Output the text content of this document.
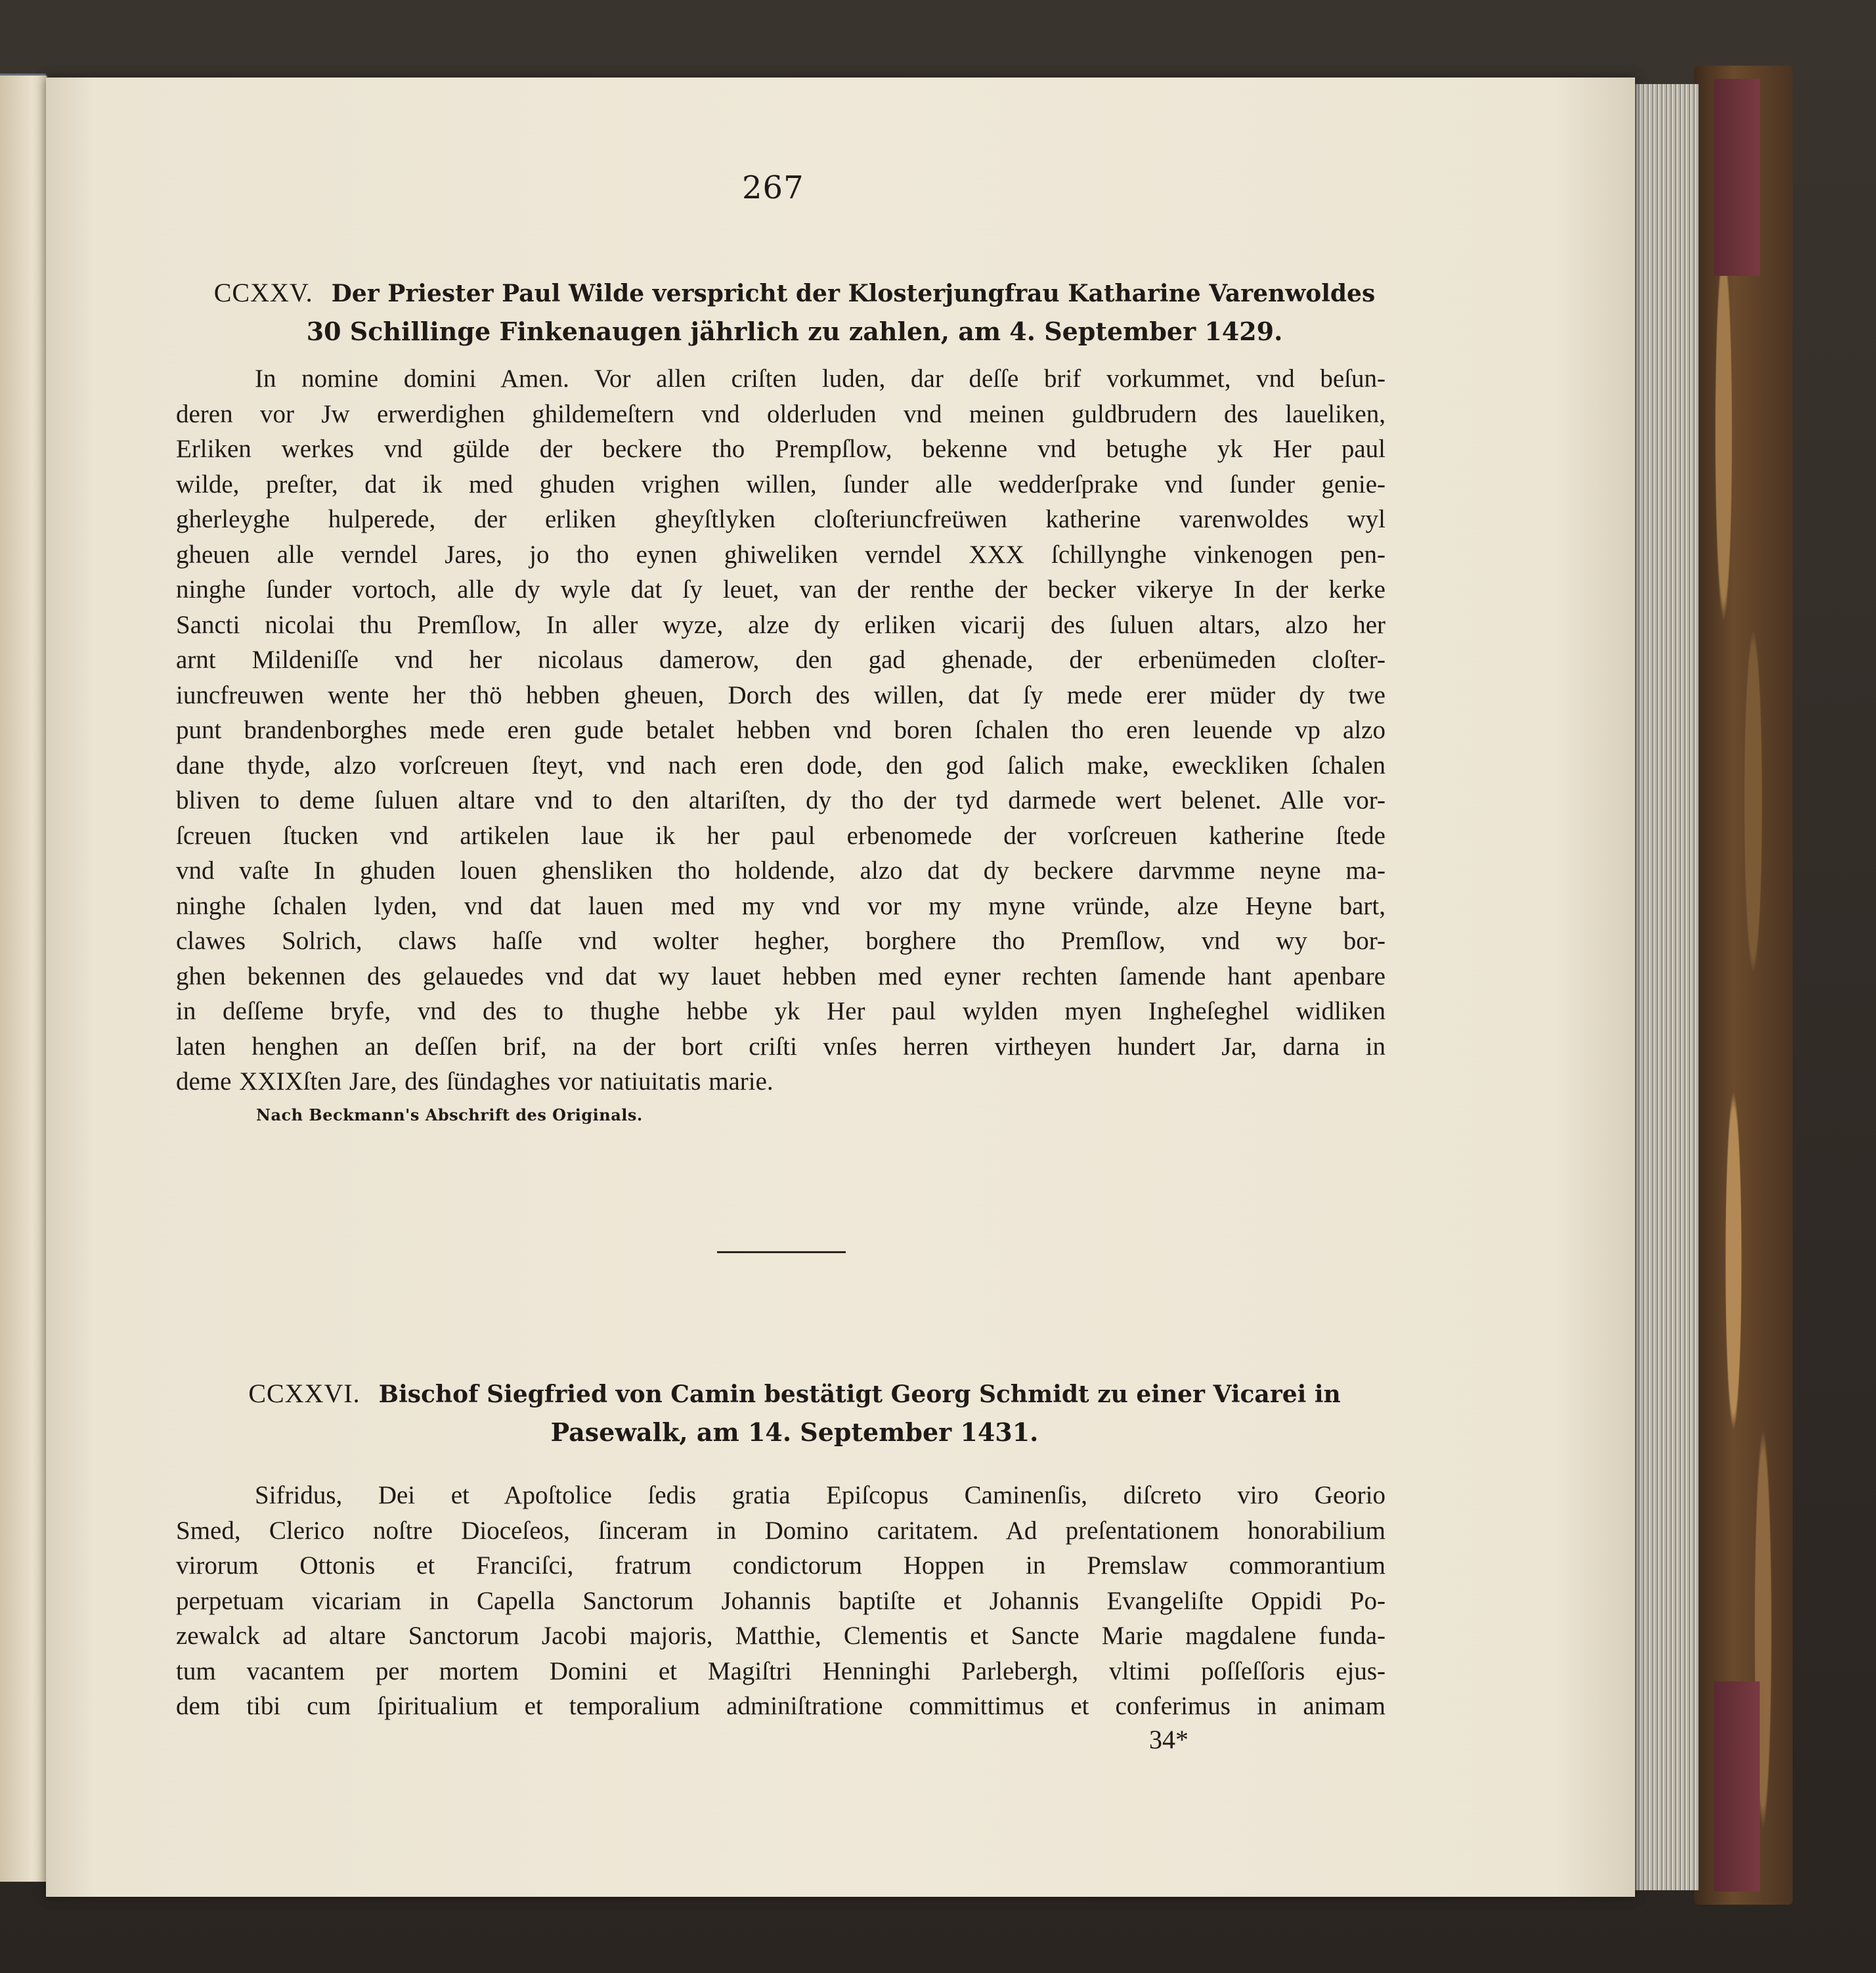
267
CCXXV. Der Priester Paul Wilde verspricht der Klosterjungfrau Katharine Varenwoldes
30 Schillinge Finkenaugen jährlich zu zahlen, am 4. September 1429.
In nomine domini Amen. Vor allen criſten luden, dar deſſe brif vorkummet, vnd beſun-
deren vor Jw erwerdighen ghildemeſtern vnd olderluden vnd meinen guldbrudern des laueliken,
Erliken werkes vnd gülde der beckere tho Prempſlow, bekenne vnd betughe yk Her paul
wilde, preſter, dat ik med ghuden vrighen willen, ſunder alle wedderſprake vnd ſunder genie-
gherleyghe hulperede, der erliken gheyſtlyken cloſteriuncfreüwen katherine varenwoldes wyl
gheuen alle verndel Jares, jo tho eynen ghiweliken verndel XXX ſchillynghe vinkenogen pen-
ninghe ſunder vortoch, alle dy wyle dat ſy leuet, van der renthe der becker vikerye In der kerke
Sancti nicolai thu Premſlow, In aller wyze, alze dy erliken vicarij des ſuluen altars, alzo her
arnt Mildeniſſe vnd her nicolaus damerow, den gad ghenade, der erbenümeden cloſter-
iuncfreuwen wente her thö hebben gheuen, Dorch des willen, dat ſy mede erer müder dy twe
punt brandenborghes mede eren gude betalet hebben vnd boren ſchalen tho eren leuende vp alzo
dane thyde, alzo vorſcreuen ſteyt, vnd nach eren dode, den god ſalich make, eweckliken ſchalen
bliven to deme ſuluen altare vnd to den altariſten, dy tho der tyd darmede wert belenet. Alle vor-
ſcreuen ſtucken vnd artikelen laue ik her paul erbenomede der vorſcreuen katherine ſtede
vnd vaſte In ghuden louen ghensliken tho holdende, alzo dat dy beckere darvmme neyne ma-
ninghe ſchalen lyden, vnd dat lauen med my vnd vor my myne vründe, alze Heyne bart,
clawes Solrich, claws haſſe vnd wolter hegher, borghere tho Premſlow, vnd wy bor-
ghen bekennen des gelauedes vnd dat wy lauet hebben med eyner rechten ſamende hant apenbare
in deſſeme bryfe, vnd des to thughe hebbe yk Her paul wylden myen Ingheſeghel widliken
laten henghen an deſſen brif, na der bort criſti vnſes herren virtheyen hundert Jar, darna in
deme XXIXſten Jare, des ſündaghes vor natiuitatis marie.
Nach Beckmann's Abschrift des Originals.
CCXXVI. Bischof Siegfried von Camin bestätigt Georg Schmidt zu einer Vicarei in
Pasewalk, am 14. September 1431.
Sifridus, Dei et Apoſtolice ſedis gratia Epiſcopus Caminenſis, diſcreto viro Georio
Smed, Clerico noſtre Dioceſeos, ſinceram in Domino caritatem. Ad preſentationem honorabilium
virorum Ottonis et Franciſci, fratrum condictorum Hoppen in Premslaw commorantium
perpetuam vicariam in Capella Sanctorum Johannis baptiſte et Johannis Evangeliſte Oppidi Po-
zewalck ad altare Sanctorum Jacobi majoris, Matthie, Clementis et Sancte Marie magdalene funda-
tum vacantem per mortem Domini et Magiſtri Henninghi Parlebergh, vltimi poſſeſſoris ejus-
dem tibi cum ſpiritualium et temporalium adminiſtratione committimus et conferimus in animam
34*
